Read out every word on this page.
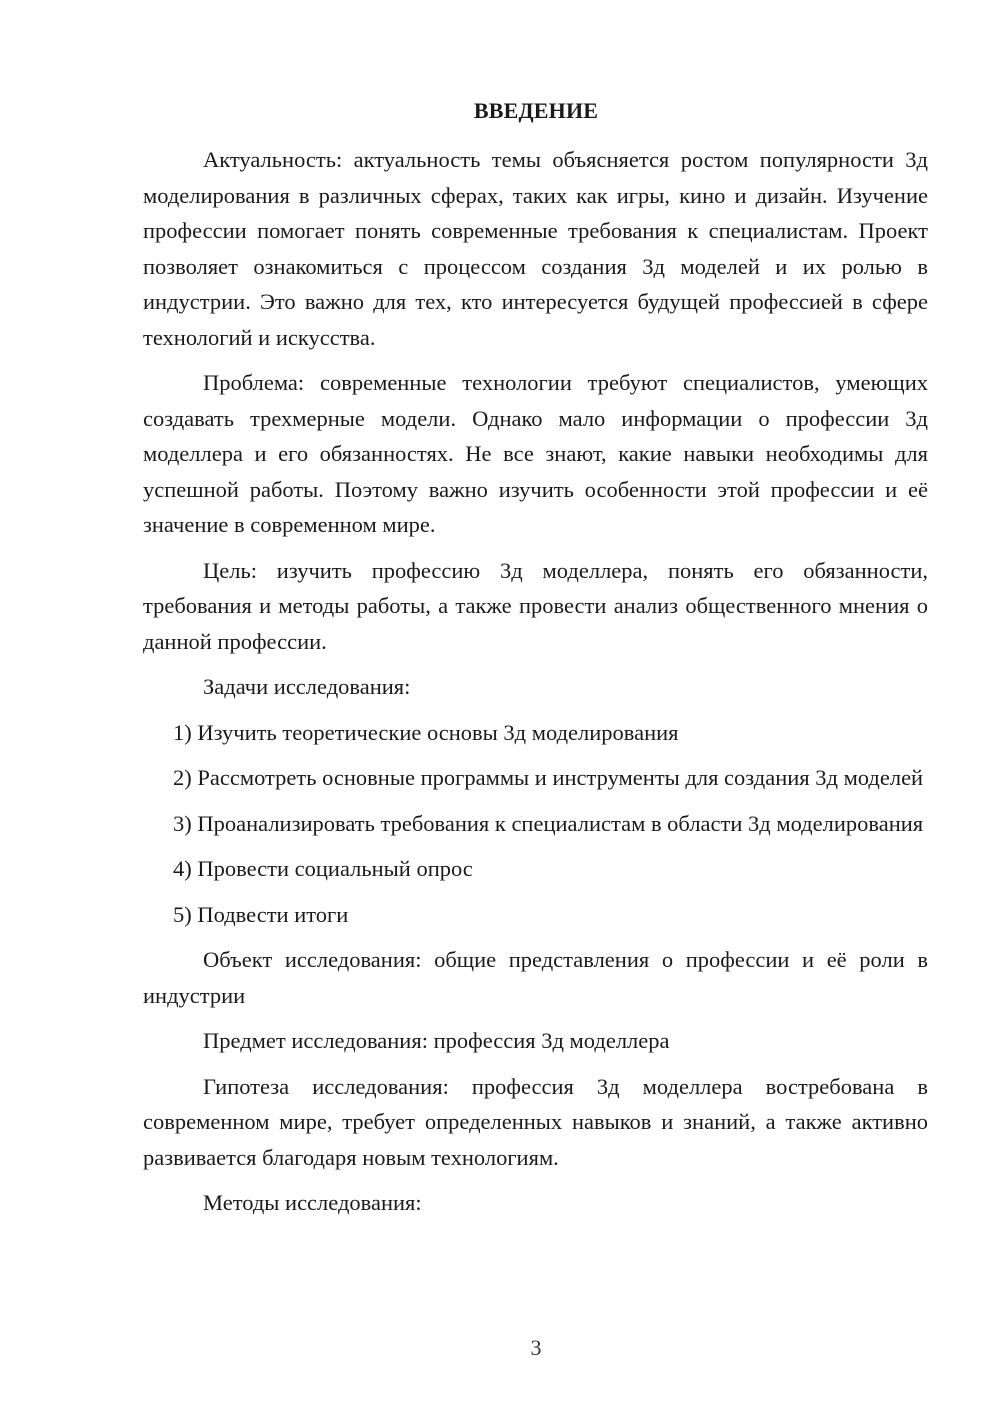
ВВЕДЕНИЕ

Актуальность: актуальность темы объясняется ростом популярности 3д моделирования в различных сферах, таких как игры, кино и дизайн. Изучение профессии помогает понять современные требования к специалистам. Проект позволяет ознакомиться с процессом создания 3д моделей и их ролью в индустрии. Это важно для тех, кто интересуется будущей профессией в сфере технологий и искусства.

Проблема: современные технологии требуют специалистов, умеющих создавать трехмерные модели. Однако мало информации о профессии 3д моделлера и его обязанностях. Не все знают, какие навыки необходимы для успешной работы. Поэтому важно изучить особенности этой профессии и её значение в современном мире.

Цель: изучить профессию 3д моделлера, понять его обязанности, требования и методы работы, а также провести анализ общественного мнения о данной профессии.

Задачи исследования:

1) Изучить теоретические основы 3д моделирования

2) Рассмотреть основные программы и инструменты для создания 3д моделей

3) Проанализировать требования к специалистам в области 3д моделирования

4) Провести социальный опрос

5) Подвести итоги

Объект исследования: общие представления о профессии и её роли в индустрии

Предмет исследования: профессия 3д моделлера

Гипотеза исследования: профессия 3д моделлера востребована в современном мире, требует определенных навыков и знаний, а также активно развивается благодаря новым технологиям.

Методы исследования:

3
